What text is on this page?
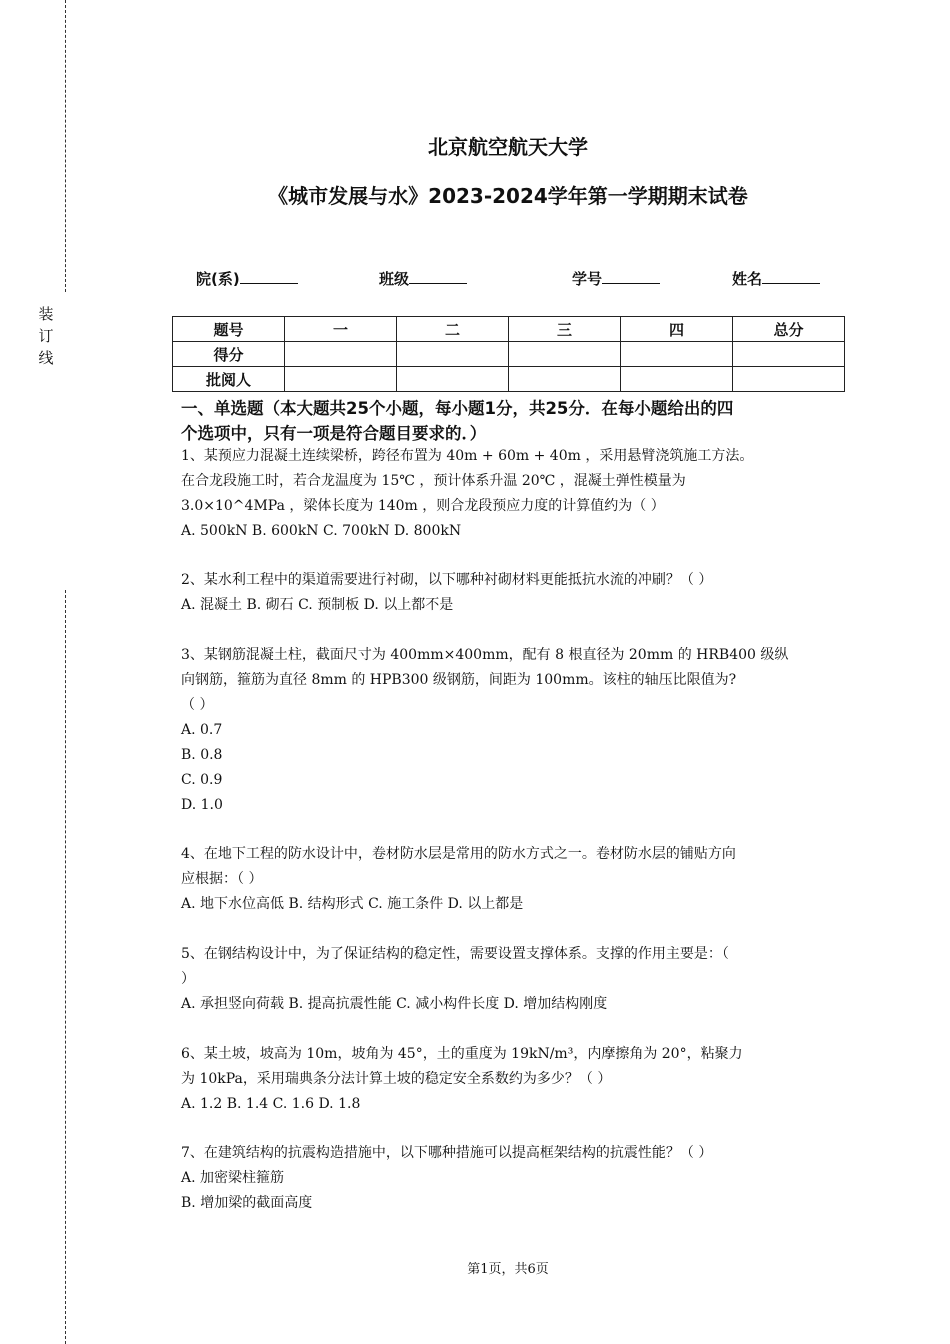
装订线
北京航空航天大学
《城市发展与水》2023-2024学年第一学期期末试卷
院(系)	班级	学号	姓名
题号	一	二	三	四	总分
得分					
批阅人					
一、单选题（本大题共25个小题，每小题1分，共25分．在每小题给出的四
个选项中，只有一项是符合题目要求的．）
1、某预应力混凝土连续梁桥，跨径布置为 40m + 60m + 40m ，采用悬臂浇筑施工方法。
在合龙段施工时，若合龙温度为 15℃ ，预计体系升温 20℃ ，混凝土弹性模量为
3.0×10^4MPa ，梁体长度为 140m ，则合龙段预应力度的计算值约为（ ）
A. 500kN B. 600kN C. 700kN D. 800kN
2、某水利工程中的渠道需要进行衬砌，以下哪种衬砌材料更能抵抗水流的冲刷？（ ）
A. 混凝土 B. 砌石 C. 预制板 D. 以上都不是
3、某钢筋混凝土柱，截面尺寸为 400mm×400mm，配有 8 根直径为 20mm 的 HRB400 级纵
向钢筋，箍筋为直径 8mm 的 HPB300 级钢筋，间距为 100mm。该柱的轴压比限值为?
（ ）
A. 0.7
B. 0.8
C. 0.9
D. 1.0
4、在地下工程的防水设计中，卷材防水层是常用的防水方式之一。卷材防水层的铺贴方向
应根据：（ ）
A. 地下水位高低 B. 结构形式 C. 施工条件 D. 以上都是
5、在钢结构设计中，为了保证结构的稳定性，需要设置支撑体系。支撑的作用主要是：（
）
A. 承担竖向荷载 B. 提高抗震性能 C. 减小构件长度 D. 增加结构刚度
6、某土坡，坡高为 10m，坡角为 45°，土的重度为 19kN/m³，内摩擦角为 20°，粘聚力
为 10kPa，采用瑞典条分法计算土坡的稳定安全系数约为多少？（ ）
A. 1.2 B. 1.4 C. 1.6 D. 1.8
7、在建筑结构的抗震构造措施中，以下哪种措施可以提高框架结构的抗震性能？（ ）
A. 加密梁柱箍筋
B. 增加梁的截面高度
第1页，共6页
